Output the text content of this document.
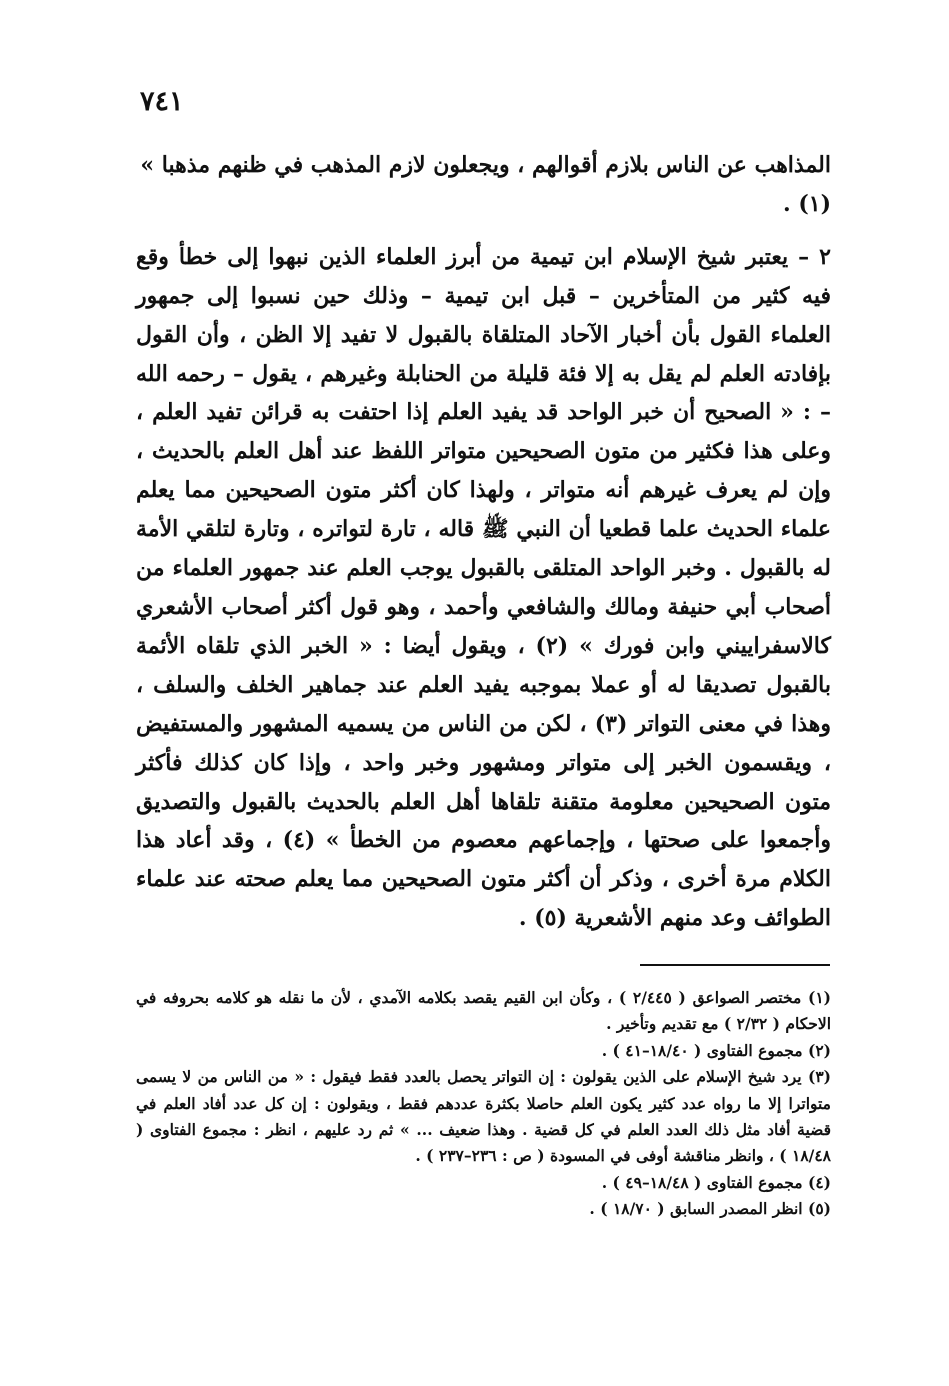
٧٤١

المذاهب عن الناس بلازم أقوالهم ، ويجعلون لازم المذهب في ظنهم مذهبا » (١) .

٢ – يعتبر شيخ الإسلام ابن تيمية من أبرز العلماء الذين نبهوا إلى خطأ وقع فيه كثير من المتأخرين – قبل ابن تيمية – وذلك حين نسبوا إلى جمهور العلماء القول بأن أخبار الآحاد المتلقاة بالقبول لا تفيد إلا الظن ، وأن القول بإفادته العلم لم يقل به إلا فئة قليلة من الحنابلة وغيرهم ، يقول – رحمه الله – : « الصحيح أن خبر الواحد قد يفيد العلم إذا احتفت به قرائن تفيد العلم ، وعلى هذا فكثير من متون الصحيحين متواتر اللفظ عند أهل العلم بالحديث ، وإن لم يعرف غيرهم أنه متواتر ، ولهذا كان أكثر متون الصحيحين مما يعلم علماء الحديث علما قطعيا أن النبي ﷺ قاله ، تارة لتواتره ، وتارة لتلقي الأمة له بالقبول . وخبر الواحد المتلقى بالقبول يوجب العلم عند جمهور العلماء من أصحاب أبي حنيفة ومالك والشافعي وأحمد ، وهو قول أكثر أصحاب الأشعري كالاسفراييني وابن فورك » (٢) ، ويقول أيضا : « الخبر الذي تلقاه الأئمة بالقبول تصديقا له أو عملا بموجبه يفيد العلم عند جماهير الخلف والسلف ، وهذا في معنى التواتر (٣) ، لكن من الناس من يسميه المشهور والمستفيض ، ويقسمون الخبر إلى متواتر ومشهور وخبر واحد ، وإذا كان كذلك فأكثر متون الصحيحين معلومة متقنة تلقاها أهل العلم بالحديث بالقبول والتصديق وأجمعوا على صحتها ، وإجماعهم معصوم من الخطأ » (٤) ، وقد أعاد هذا الكلام مرة أخرى ، وذكر أن أكثر متون الصحيحين مما يعلم صحته عند علماء الطوائف وعد منهم الأشعرية (٥) .

(١) مختصر الصواعق ( ٢/٤٤٥ ) ، وكأن ابن القيم يقصد بكلامه الآمدي ، لأن ما نقله هو كلامه بحروفه في الاحكام ( ٢/٣٢ ) مع تقديم وتأخير .

(٢) مجموع الفتاوى ( ١٨/٤٠–٤١ ) .

(٣) يرد شيخ الإسلام على الذين يقولون : إن التواتر يحصل بالعدد فقط فيقول : « من الناس من لا يسمى متواترا إلا ما رواه عدد كثير يكون العلم حاصلا بكثرة عددهم فقط ، ويقولون : إن كل عدد أفاد العلم في قضية أفاد مثل ذلك العدد العلم في كل قضية . وهذا ضعيف ... » ثم رد عليهم ، انظر : مجموع الفتاوى ( ١٨/٤٨ ) ، وانظر مناقشة أوفى في المسودة ( ص : ٢٣٦–٢٣٧ ) .

(٤) مجموع الفتاوى ( ١٨/٤٨–٤٩ ) .

(٥) انظر المصدر السابق ( ١٨/٧٠ ) .
